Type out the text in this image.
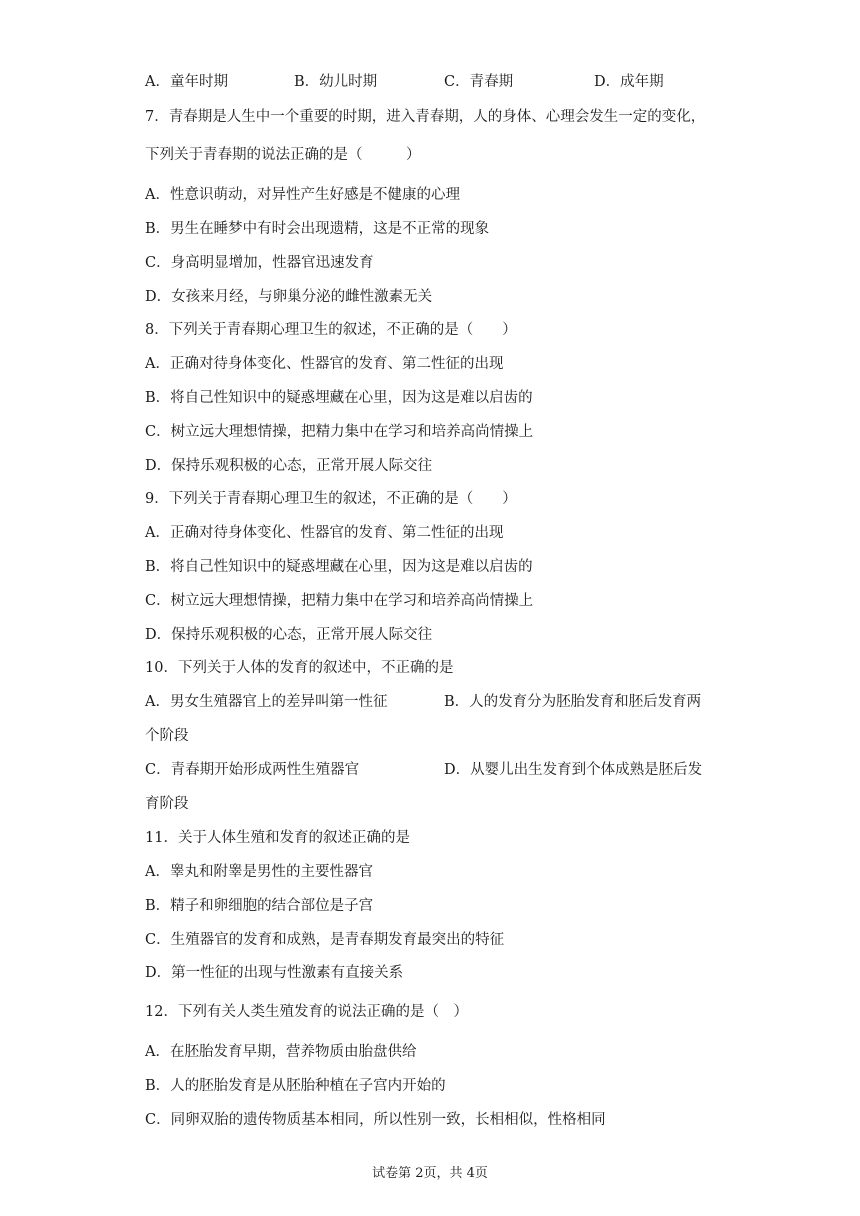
A．童年时期	B．幼儿时期	C．青春期	D．成年期
7．青春期是人生中一个重要的时期，进入青春期，人的身体、心理会发生一定的变化，
下列关于青春期的说法正确的是（　　　）
A．性意识萌动，对异性产生好感是不健康的心理
B．男生在睡梦中有时会出现遗精，这是不正常的现象
C．身高明显增加，性器官迅速发育
D．女孩来月经，与卵巢分泌的雌性激素无关
8．下列关于青春期心理卫生的叙述，不正确的是（　　）
A．正确对待身体变化、性器官的发育、第二性征的出现
B．将自己性知识中的疑惑埋藏在心里，因为这是难以启齿的
C．树立远大理想情操，把精力集中在学习和培养高尚情操上
D．保持乐观积极的心态，正常开展人际交往
9．下列关于青春期心理卫生的叙述，不正确的是（　　）
A．正确对待身体变化、性器官的发育、第二性征的出现
B．将自己性知识中的疑惑埋藏在心里，因为这是难以启齿的
C．树立远大理想情操，把精力集中在学习和培养高尚情操上
D．保持乐观积极的心态，正常开展人际交往
10．下列关于人体的发育的叙述中，不正确的是
A．男女生殖器官上的差异叫第一性征	B．人的发育分为胚胎发育和胚后发育两
个阶段
C．青春期开始形成两性生殖器官	D．从婴儿出生发育到个体成熟是胚后发
育阶段
11．关于人体生殖和发育的叙述正确的是
A．睾丸和附睾是男性的主要性器官
B．精子和卵细胞的结合部位是子宫
C．生殖器官的发育和成熟，是青春期发育最突出的特征
D．第一性征的出现与性激素有直接关系
12．下列有关人类生殖发育的说法正确的是（　）
A．在胚胎发育早期，营养物质由胎盘供给
B．人的胚胎发育是从胚胎种植在子宫内开始的
C．同卵双胎的遗传物质基本相同，所以性别一致，长相相似，性格相同
试卷第 2页，共 4页
